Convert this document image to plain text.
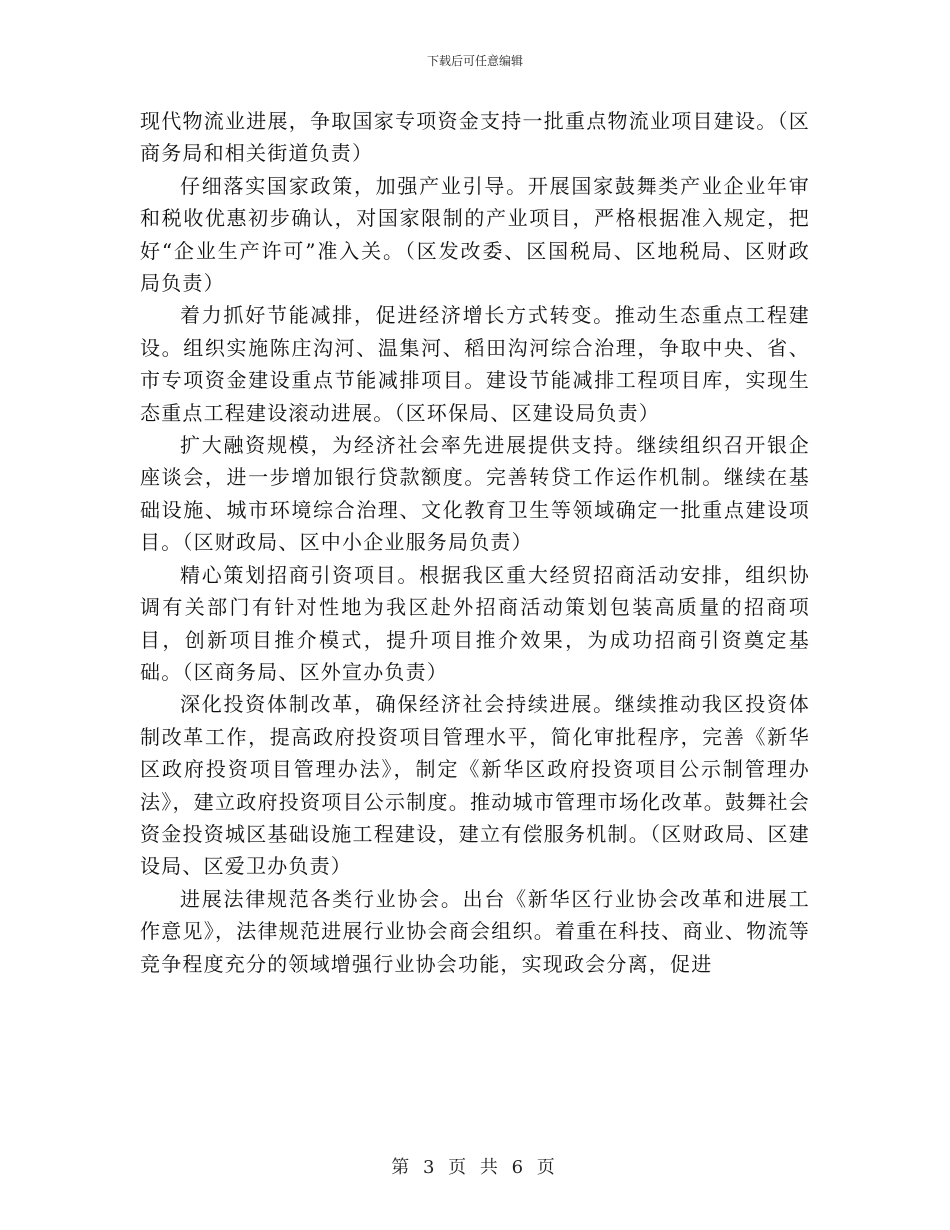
下载后可任意编辑

现代物流业进展，争取国家专项资金支持一批重点物流业项目建设。（区商务局和相关街道负责）

仔细落实国家政策，加强产业引导。开展国家鼓舞类产业企业年审和税收优惠初步确认，对国家限制的产业项目，严格根据准入规定，把好“企业生产许可”准入关。（区发改委、区国税局、区地税局、区财政局负责）

着力抓好节能减排，促进经济增长方式转变。推动生态重点工程建设。组织实施陈庄沟河、温集河、稻田沟河综合治理，争取中央、省、市专项资金建设重点节能减排项目。建设节能减排工程项目库，实现生态重点工程建设滚动进展。（区环保局、区建设局负责）

扩大融资规模，为经济社会率先进展提供支持。继续组织召开银企座谈会，进一步增加银行贷款额度。完善转贷工作运作机制。继续在基础设施、城市环境综合治理、文化教育卫生等领域确定一批重点建设项目。（区财政局、区中小企业服务局负责）

精心策划招商引资项目。根据我区重大经贸招商活动安排，组织协调有关部门有针对性地为我区赴外招商活动策划包装高质量的招商项目，创新项目推介模式，提升项目推介效果，为成功招商引资奠定基础。（区商务局、区外宣办负责）

深化投资体制改革，确保经济社会持续进展。继续推动我区投资体制改革工作，提高政府投资项目管理水平，简化审批程序，完善《新华区政府投资项目管理办法》，制定《新华区政府投资项目公示制管理办法》，建立政府投资项目公示制度。推动城市管理市场化改革。鼓舞社会资金投资城区基础设施工程建设，建立有偿服务机制。（区财政局、区建设局、区爱卫办负责）

进展法律规范各类行业协会。出台《新华区行业协会改革和进展工作意见》，法律规范进展行业协会商会组织。着重在科技、商业、物流等竞争程度充分的领域增强行业协会功能，实现政会分离，促进

第 3 页 共 6 页
